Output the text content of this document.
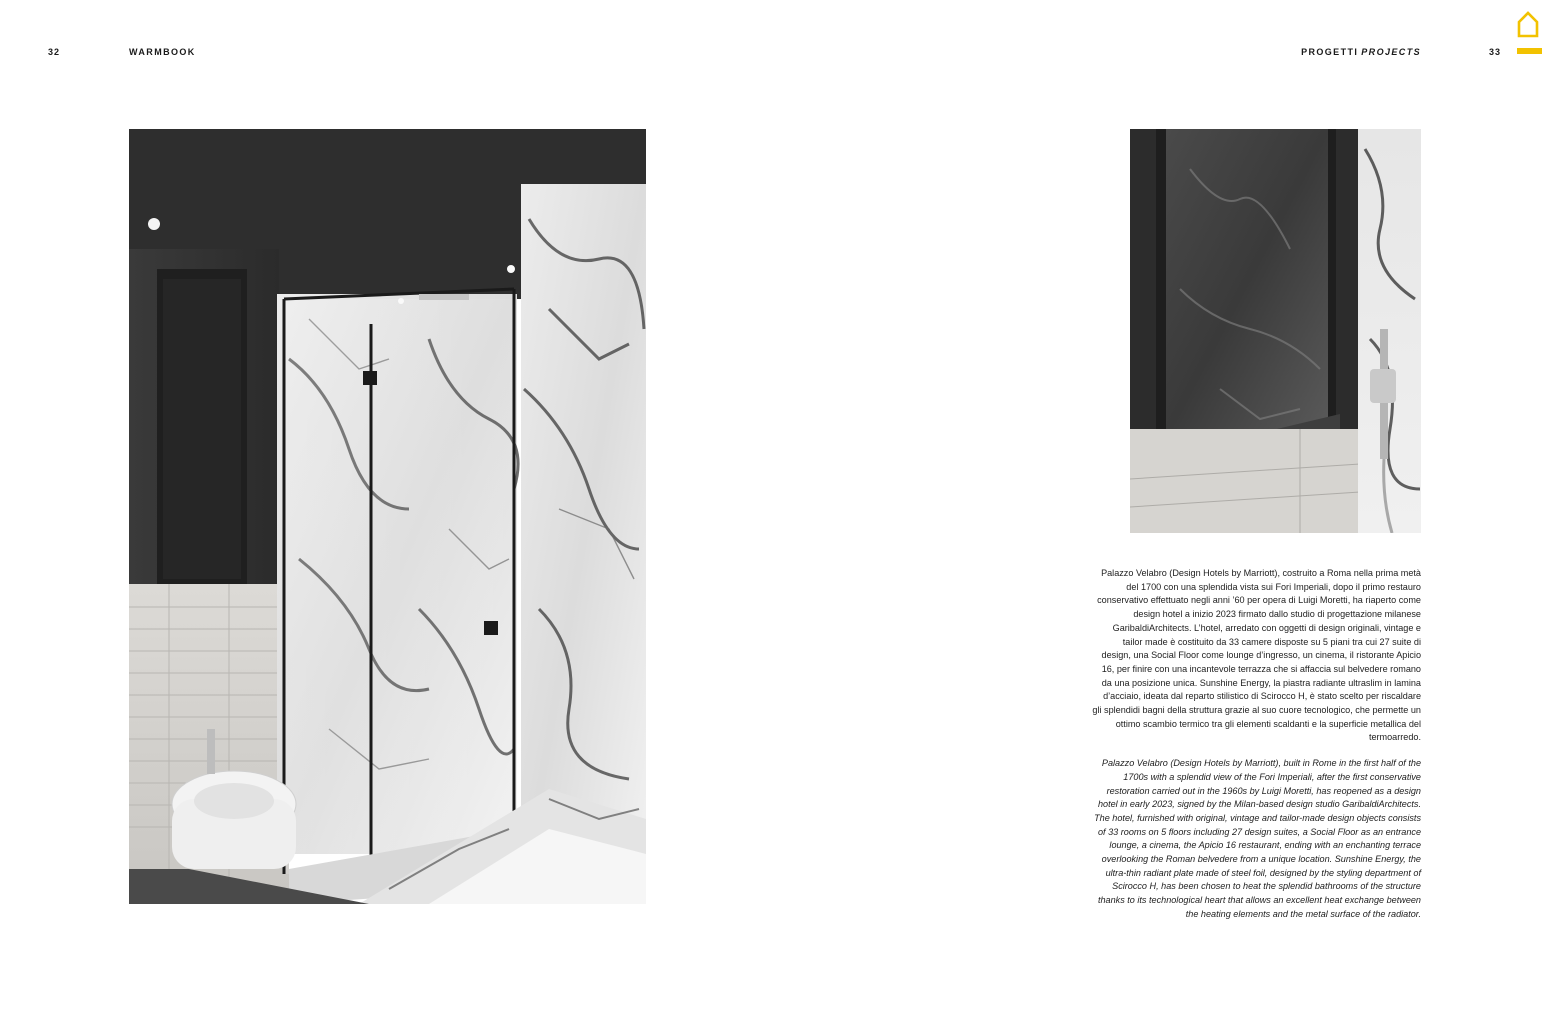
32	WARMBOOK	PROGETTI PROJECTS	33

Palazzo Velabro (Design Hotels by Marriott), costruito a Roma nella prima metà del 1700 con una splendida vista sui Fori Imperiali, dopo il primo restauro conservativo effettuato negli anni ’60 per opera di Luigi Moretti, ha riaperto come design hotel a inizio 2023 firmato dallo studio di progettazione milanese GaribaldiArchitects. L’hotel, arredato con oggetti di design originali, vintage e tailor made è costituito da 33 camere disposte su 5 piani tra cui 27 suite di design, una Social Floor come lounge d’ingresso, un cinema, il ristorante Apicio 16, per finire con una incantevole terrazza che si affaccia sul belvedere romano da una posizione unica. Sunshine Energy, la piastra radiante ultraslim in lamina d’acciaio, ideata dal reparto stilistico di Scirocco H, è stato scelto per riscaldare gli splendidi bagni della struttura grazie al suo cuore tecnologico, che permette un ottimo scambio termico tra gli elementi scaldanti e la superficie metallica del termoarredo.

Palazzo Velabro (Design Hotels by Marriott), built in Rome in the first half of the 1700s with a splendid view of the Fori Imperiali, after the first conservative restoration carried out in the 1960s by Luigi Moretti, has reopened as a design hotel in early 2023, signed by the Milan-based design studio GaribaldiArchitects. The hotel, furnished with original, vintage and tailor-made design objects consists of 33 rooms on 5 floors including 27 design suites, a Social Floor as an entrance lounge, a cinema, the Apicio 16 restaurant, ending with an enchanting terrace overlooking the Roman belvedere from a unique location. Sunshine Energy, the ultra-thin radiant plate made of steel foil, designed by the styling department of Scirocco H, has been chosen to heat the splendid bathrooms of the structure thanks to its technological heart that allows an excellent heat exchange between the heating elements and the metal surface of the radiator.
